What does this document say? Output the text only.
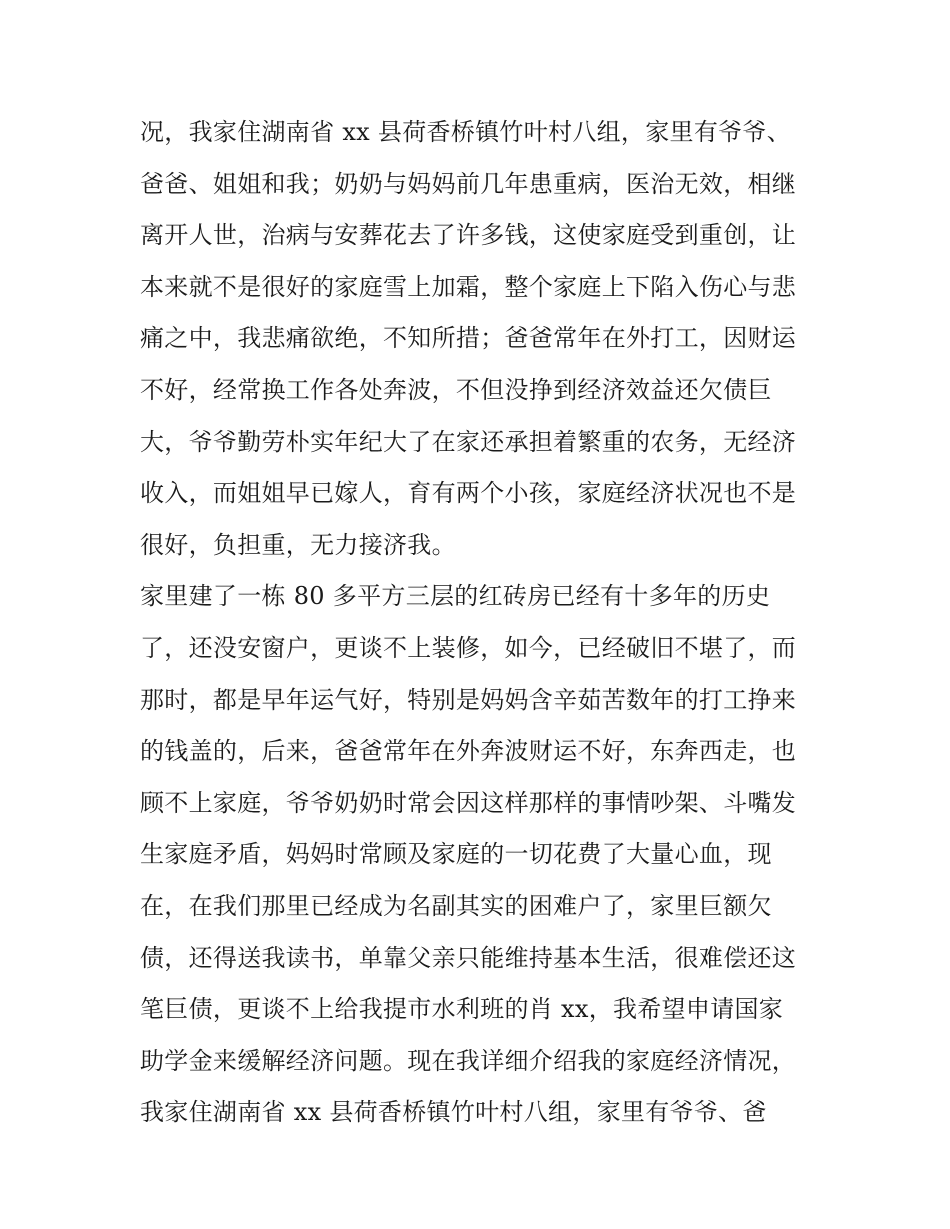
况，我家住湖南省 xx 县荷香桥镇竹叶村八组，家里有爷爷、
爸爸、姐姐和我；奶奶与妈妈前几年患重病，医治无效，相继
离开人世，治病与安葬花去了许多钱，这使家庭受到重创，让
本来就不是很好的家庭雪上加霜，整个家庭上下陷入伤心与悲
痛之中，我悲痛欲绝，不知所措；爸爸常年在外打工，因财运
不好，经常换工作各处奔波，不但没挣到经济效益还欠债巨
大，爷爷勤劳朴实年纪大了在家还承担着繁重的农务，无经济
收入，而姐姐早已嫁人，育有两个小孩，家庭经济状况也不是
很好，负担重，无力接济我。
家里建了一栋 80 多平方三层的红砖房已经有十多年的历史
了，还没安窗户，更谈不上装修，如今，已经破旧不堪了，而
那时，都是早年运气好，特别是妈妈含辛茹苦数年的打工挣来
的钱盖的，后来，爸爸常年在外奔波财运不好，东奔西走，也
顾不上家庭，爷爷奶奶时常会因这样那样的事情吵架、斗嘴发
生家庭矛盾，妈妈时常顾及家庭的一切花费了大量心血，现
在，在我们那里已经成为名副其实的困难户了，家里巨额欠
债，还得送我读书，单靠父亲只能维持基本生活，很难偿还这
笔巨债，更谈不上给我提市水利班的肖 xx，我希望申请国家
助学金来缓解经济问题。现在我详细介绍我的家庭经济情况，
我家住湖南省 xx 县荷香桥镇竹叶村八组，家里有爷爷、爸
